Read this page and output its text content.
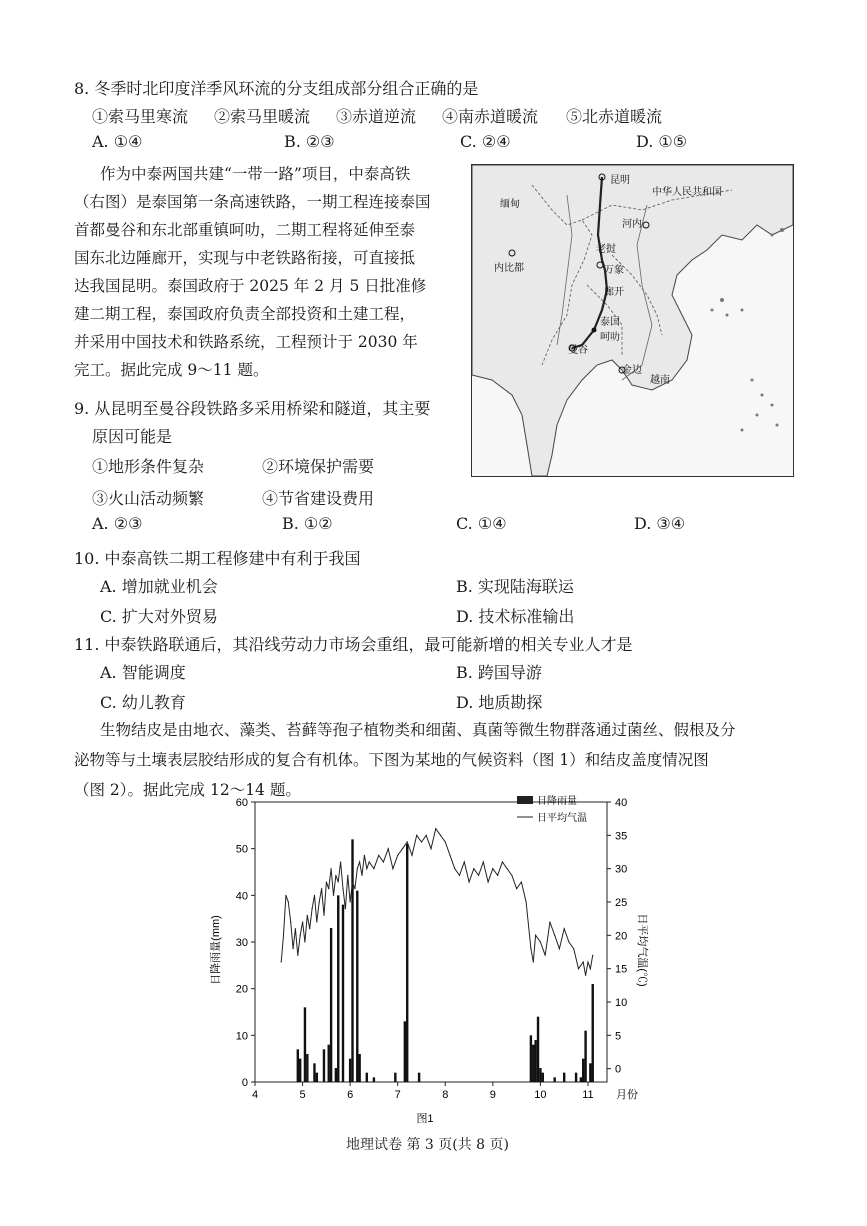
8. 冬季时北印度洋季风环流的分支组成部分组合正确的是
①索马里寒流 ②索马里暖流 ③赤道逆流 ④南赤道暖流 ⑤北赤道暖流
A. ①④	B. ②③	C. ②④	D. ①⑤
作为中泰两国共建“一带一路”项目，中泰高铁
（右图）是泰国第一条高速铁路，一期工程连接泰国
首都曼谷和东北部重镇呵叻，二期工程将延伸至泰
国东北边陲廊开，实现与中老铁路衔接，可直接抵
达我国昆明。泰国政府于 2025 年 2 月 5 日批准修
建二期工程，泰国政府负责全部投资和土建工程，
并采用中国技术和铁路系统，工程预计于 2030 年
完工。据此完成 9～11 题。
昆明
中华人民共和国
缅甸
河内
老挝
内比都	万象
廊开
泰国
呵叻
曼谷
金边
越南
9. 从昆明至曼谷段铁路多采用桥梁和隧道，其主要
原因可能是
①地形条件复杂	②环境保护需要
③火山活动频繁	④节省建设费用
A. ②③	B. ①②	C. ①④	D. ③④
10. 中泰高铁二期工程修建中有利于我国
A. 增加就业机会	B. 实现陆海联运
C. 扩大对外贸易	D. 技术标准输出
11. 中泰铁路联通后，其沿线劳动力市场会重组，最可能新增的相关专业人才是
A. 智能调度	B. 跨国导游
C. 幼儿教育	D. 地质勘探
生物结皮是由地衣、藻类、苔藓等孢子植物类和细菌、真菌等微生物群落通过菌丝、假根及分
泌物等与土壤表层胶结形成的复合有机体。下图为某地的气候资料（图 1）和结皮盖度情况图
（图 2）。据此完成 12～14 题。
0
10
20
30
40
50
60
0
5
10
15
20
25
30
35
40
4	5	6	7	8	9	10	11
日降雨量
日平均气温
日降雨量(mm)	日平均气温(℃)
月份
图1
地理试卷 第 3 页(共 8 页)
